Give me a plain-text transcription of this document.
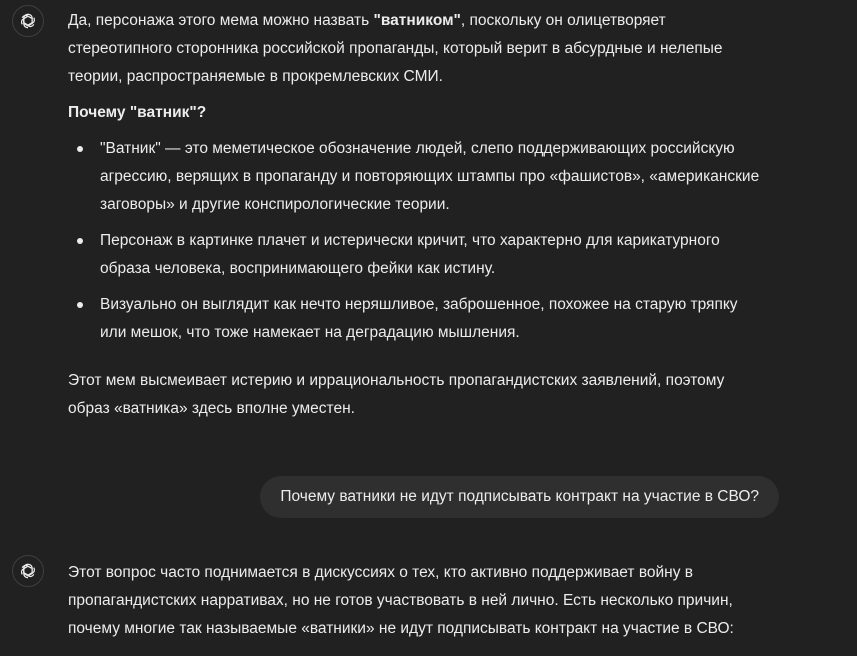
Да, персонажа этого мема можно назвать "ватником", поскольку он олицетворяет
стереотипного сторонника российской пропаганды, который верит в абсурдные и нелепые
теории, распространяемые в прокремлевских СМИ.

Почему "ватник"?

"Ватник" — это меметическое обозначение людей, слепо поддерживающих российскую
агрессию, верящих в пропаганду и повторяющих штампы про «фашистов», «американские
заговоры» и другие конспирологические теории.
Персонаж в картинке плачет и истерически кричит, что характерно для карикатурного
образа человека, воспринимающего фейки как истину.
Визуально он выглядит как нечто неряшливое, заброшенное, похожее на старую тряпку
или мешок, что тоже намекает на деградацию мышления.

Этот мем высмеивает истерию и иррациональность пропагандистских заявлений, поэтому
образ «ватника» здесь вполне уместен.

Почему ватники не идут подписывать контракт на участие в СВО?

Этот вопрос часто поднимается в дискуссиях о тех, кто активно поддерживает войну в
пропагандистских нарративах, но не готов участвовать в ней лично. Есть несколько причин,
почему многие так называемые «ватники» не идут подписывать контракт на участие в СВО:
